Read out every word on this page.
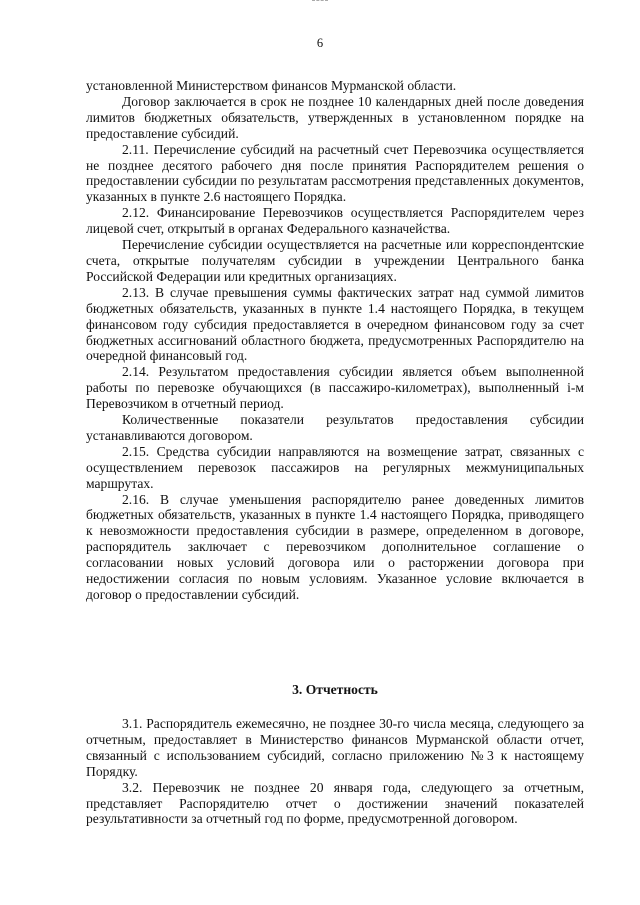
6

установленной Министерством финансов Мурманской области.

Договор заключается в срок не позднее 10 календарных дней после доведения лимитов бюджетных обязательств, утвержденных в установленном порядке на предоставление субсидий.

2.11. Перечисление субсидий на расчетный счет Перевозчика осуществляется не позднее десятого рабочего дня после принятия Распорядителем решения о предоставлении субсидии по результатам рассмотрения представленных документов, указанных в пункте 2.6 настоящего Порядка.

2.12. Финансирование Перевозчиков осуществляется Распорядителем через лицевой счет, открытый в органах Федерального казначейства.

Перечисление субсидии осуществляется на расчетные или корреспондентские счета, открытые получателям субсидии в учреждении Центрального банка Российской Федерации или кредитных организациях.

2.13. В случае превышения суммы фактических затрат над суммой лимитов бюджетных обязательств, указанных в пункте 1.4 настоящего Порядка, в текущем финансовом году субсидия предоставляется в очередном финансовом году за счет бюджетных ассигнований областного бюджета, предусмотренных Распорядителю на очередной финансовый год.

2.14. Результатом предоставления субсидии является объем выполненной работы по перевозке обучающихся (в пассажиро-километрах), выполненный i-м Перевозчиком в отчетный период.

Количественные показатели результатов предоставления субсидии устанавливаются договором.

2.15. Средства субсидии направляются на возмещение затрат, связанных с осуществлением перевозок пассажиров на регулярных межмуниципальных маршрутах.

2.16. В случае уменьшения распорядителю ранее доведенных лимитов бюджетных обязательств, указанных в пункте 1.4 настоящего Порядка, приводящего к невозможности предоставления субсидии в размере, определенном в договоре, распорядитель заключает с перевозчиком дополнительное соглашение о согласовании новых условий договора или о расторжении договора при недостижении согласия по новым условиям. Указанное условие включается в договор о предоставлении субсидий.

3. Отчетность

3.1. Распорядитель ежемесячно, не позднее 30-го числа месяца, следующего за отчетным, предоставляет в Министерство финансов Мурманской области отчет, связанный с использованием субсидий, согласно приложению №3 к настоящему Порядку.

3.2. Перевозчик не позднее 20 января года, следующего за отчетным, представляет Распорядителю отчет о достижении значений показателей результативности за отчетный год по форме, предусмотренной договором.
